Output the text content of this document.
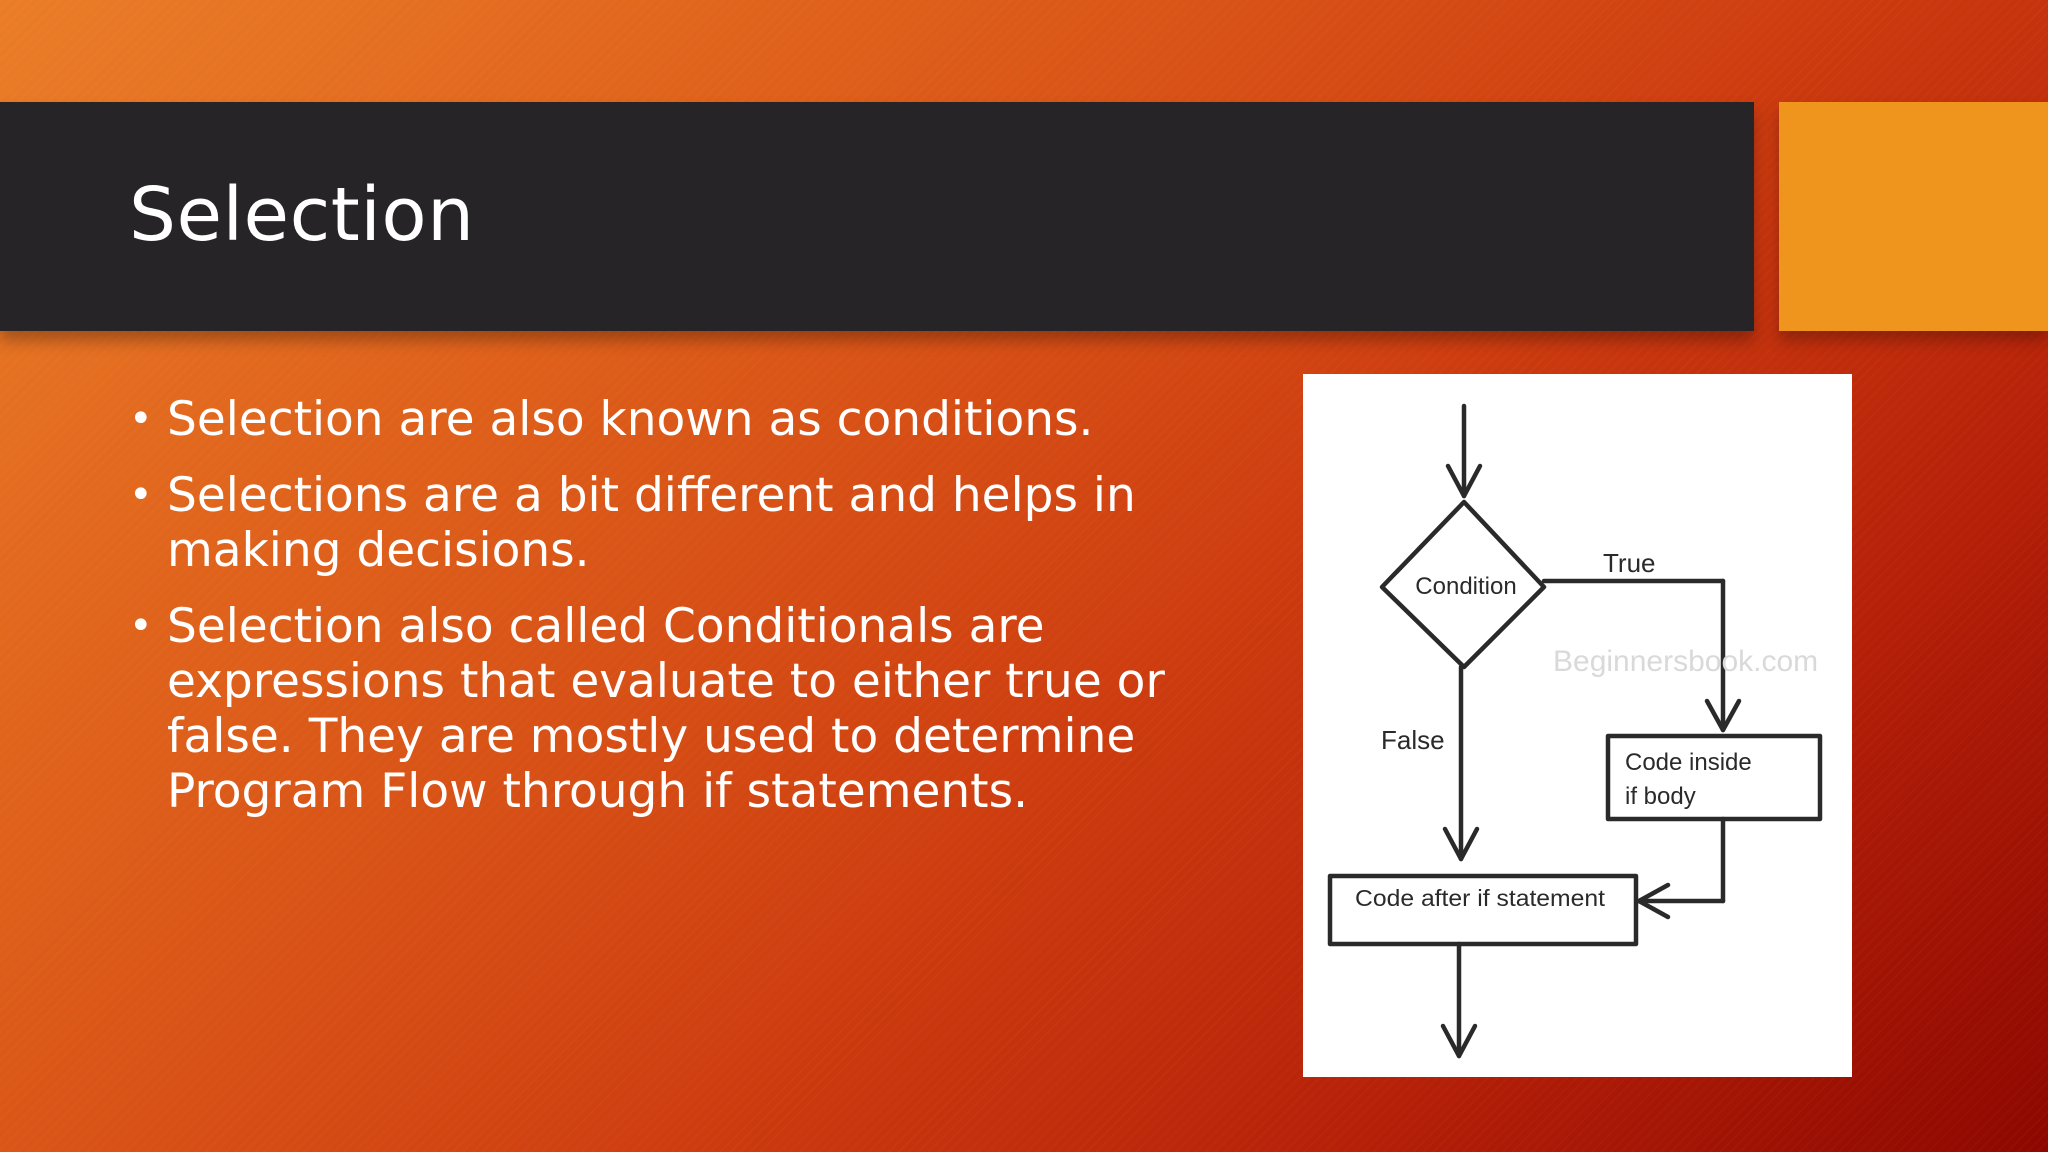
Selection
• Selection are also known as conditions.
• Selections are a bit different and helps in making decisions.
• Selection also called Conditionals are expressions that evaluate to either true or false. They are mostly used to determine Program Flow through if statements.
Beginnersbook.com
Condition
True
False
Code inside
if body
Code after if statement
